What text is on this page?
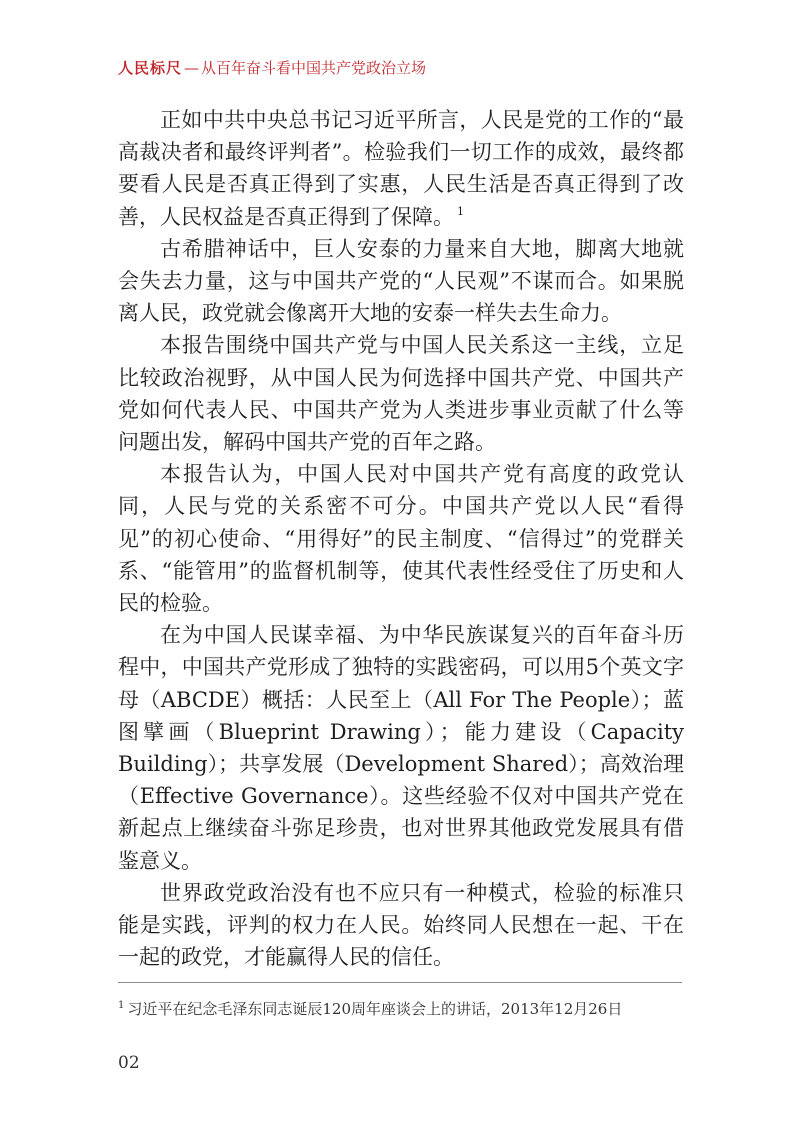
人民标尺 — 从百年奋斗看中国共产党政治立场

正如中共中央总书记习近平所言，人民是党的工作的“最高裁决者和最终评判者”。检验我们一切工作的成效，最终都要看人民是否真正得到了实惠，人民生活是否真正得到了改善，人民权益是否真正得到了保障。 $^1$

古希腊神话中，巨人安泰的力量来自大地，脚离大地就会失去力量，这与中国共产党的“人民观”不谋而合。如果脱离人民，政党就会像离开大地的安泰一样失去生命力。

本报告围绕中国共产党与中国人民关系这一主线，立足比较政治视野，从中国人民为何选择中国共产党、中国共产党如何代表人民、中国共产党为人类进步事业贡献了什么等问题出发，解码中国共产党的百年之路。

本报告认为，中国人民对中国共产党有高度的政党认同，人民与党的关系密不可分。中国共产党以人民“看得见”的初心使命、“用得好”的民主制度、“信得过”的党群关系、“能管用”的监督机制等，使其代表性经受住了历史和人民的检验。

在为中国人民谋幸福、为中华民族谋复兴的百年奋斗历程中，中国共产党形成了独特的实践密码，可以用5个英文字母（ABCDE）概括：人民至上（All For The People）；蓝图擘画（Blueprint Drawing）；能力建设（Capacity Building）；共享发展（Development Shared）；高效治理（Effective Governance）。这些经验不仅对中国共产党在新起点上继续奋斗弥足珍贵，也对世界其他政党发展具有借鉴意义。

世界政党政治没有也不应只有一种模式，检验的标准只能是实践，评判的权力在人民。始终同人民想在一起、干在一起的政党，才能赢得人民的信任。

$^1$ 习近平在纪念毛泽东同志诞辰120周年座谈会上的讲话，2013年12月26日
02
